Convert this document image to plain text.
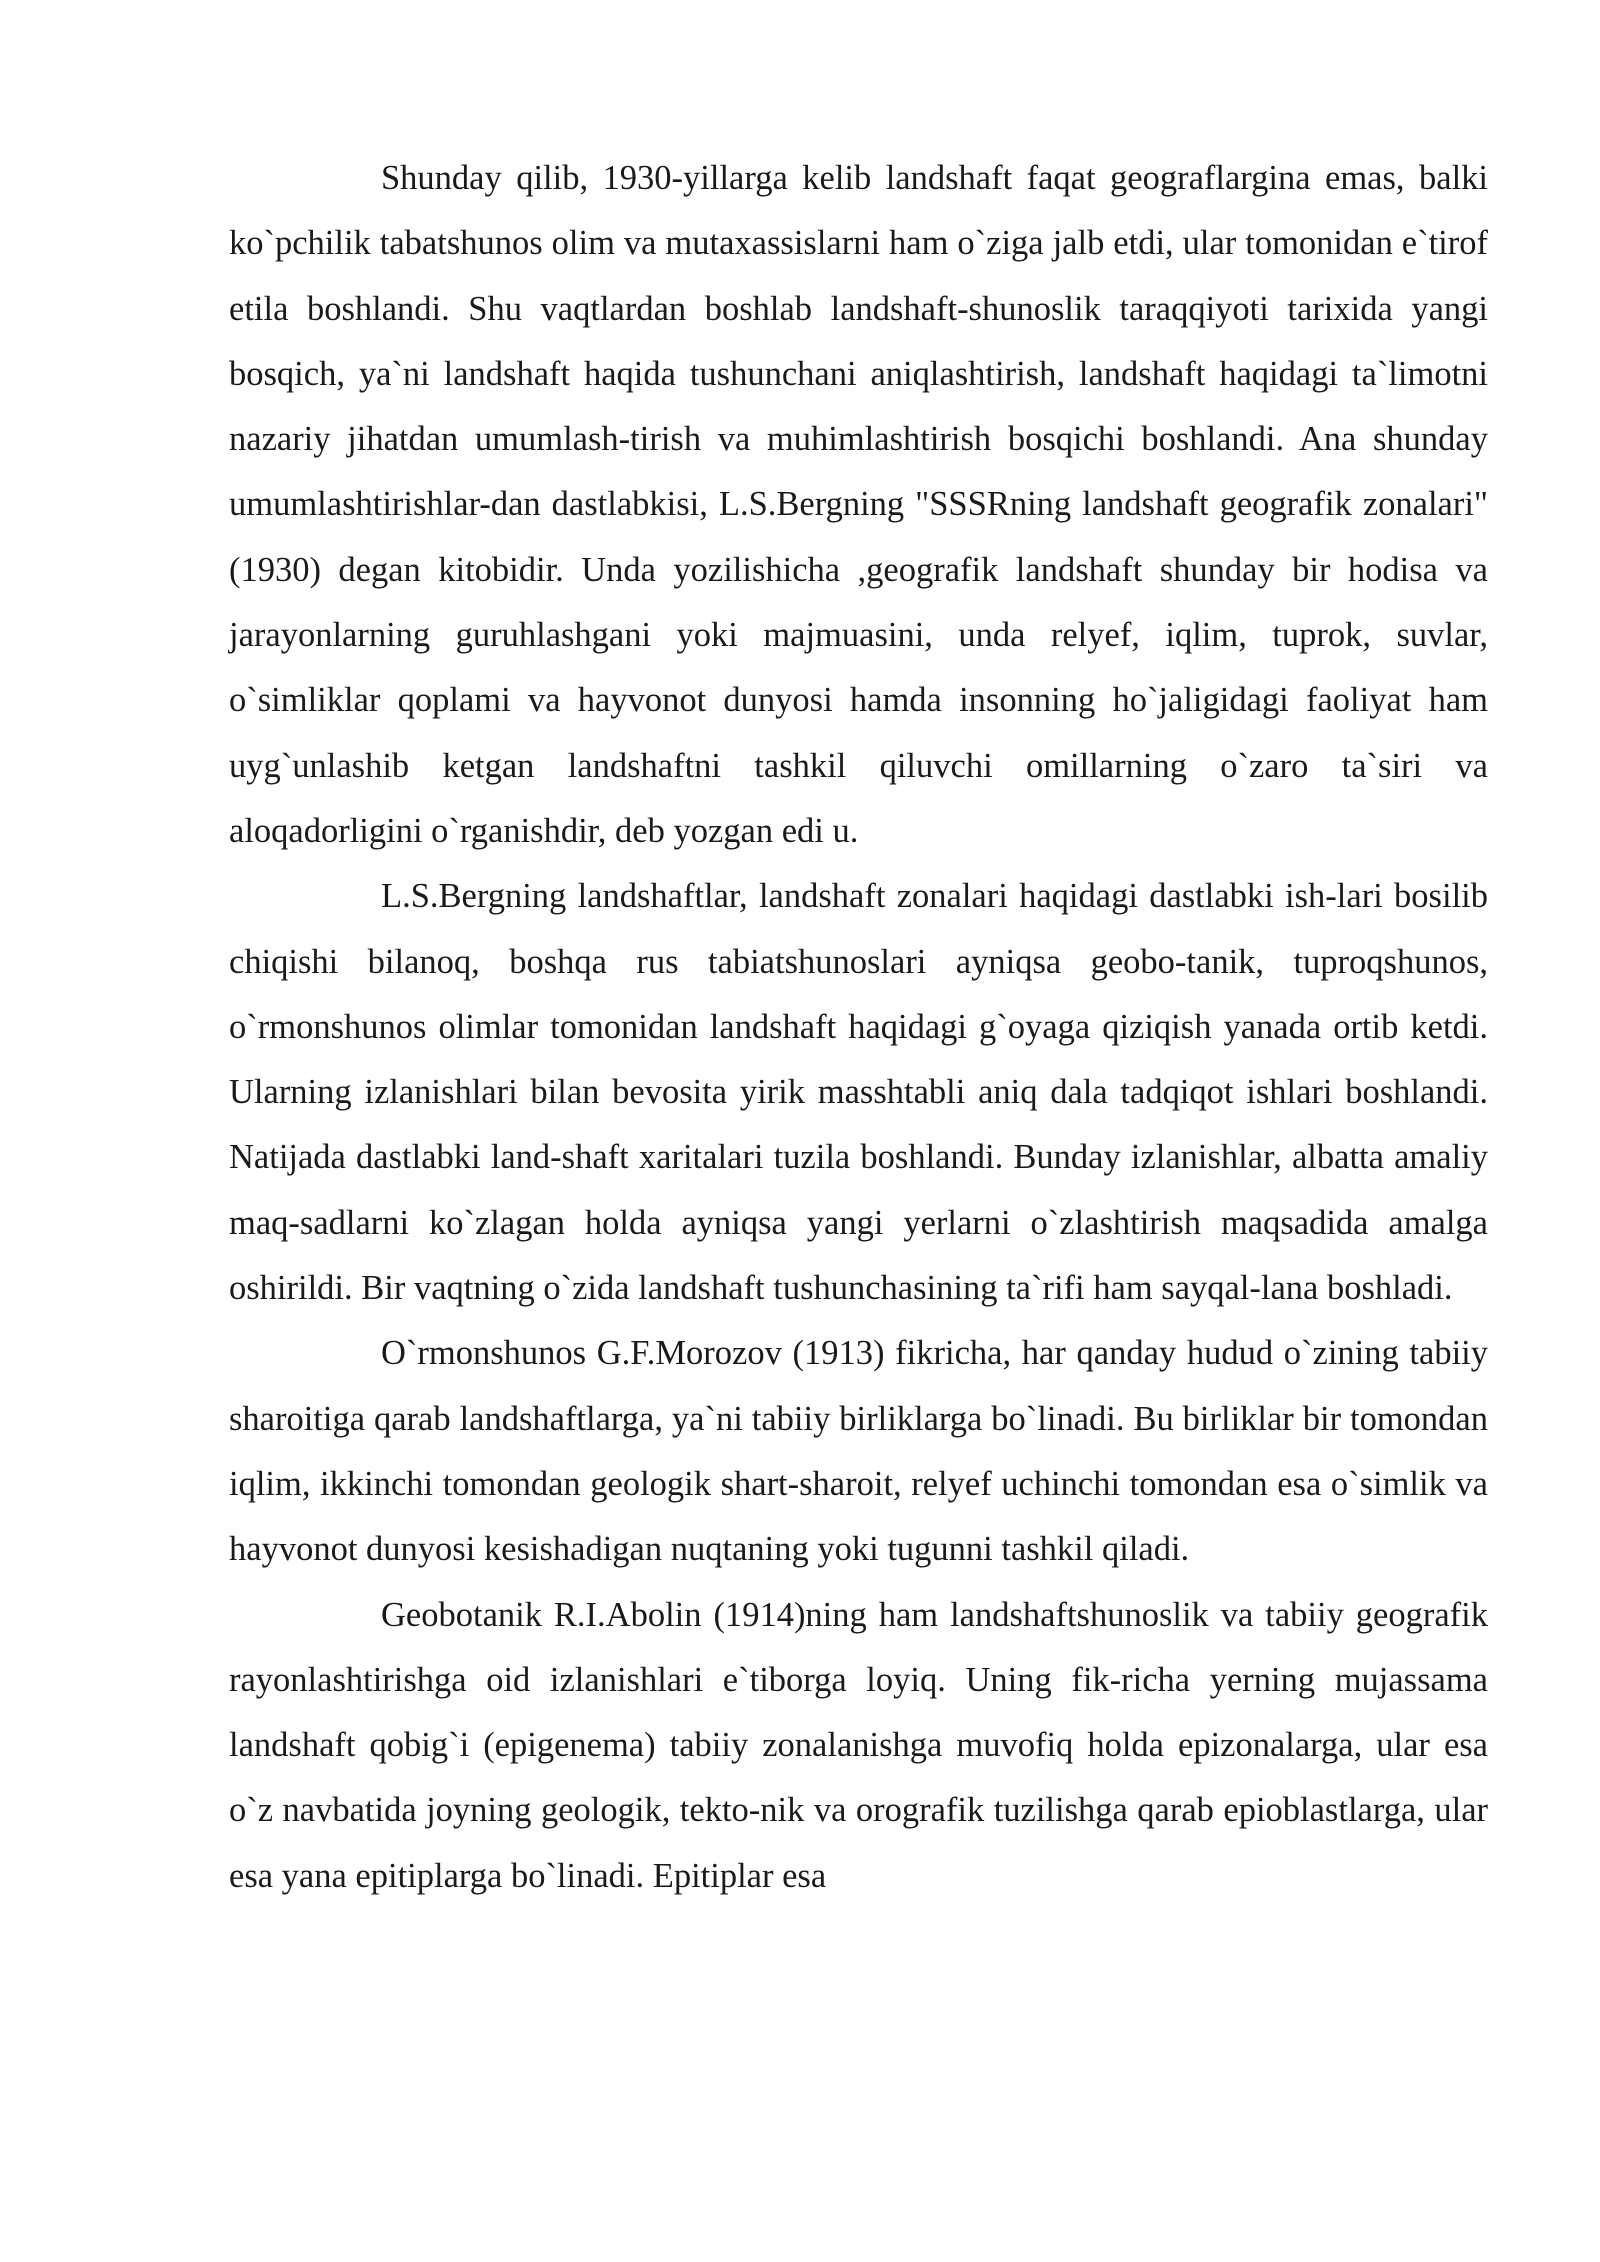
Shunday qilib, 1930-yillarga kelib landshaft faqat geograflargina emas, balki ko`pchilik tabatshunos olim va mutaxassislarni ham o`ziga jalb etdi, ular tomonidan e`tirof etila boshlandi. Shu vaqtlardan boshlab landshaft-shunoslik taraqqiyoti tarixida yangi bosqich, ya`ni landshaft haqida tushunchani aniqlashtirish, landshaft haqidagi ta`limotni nazariy jihatdan umumlash-tirish va muhimlashtirish bosqichi boshlandi. Ana shunday umumlashtirishlar-dan dastlabkisi, L.S.Bergning "SSSRning landshaft geografik zonalari" (1930) degan kitobidir. Unda yozilishicha ,geografik landshaft shunday bir hodisa va jarayonlarning guruhlashgani yoki majmuasini, unda relyef, iqlim, tuprok, suvlar, o`simliklar qoplami va hayvonot dunyosi hamda insonning ho`jaligidagi faoliyat ham uyg`unlashib ketgan landshaftni tashkil qiluvchi omillarning o`zaro ta`siri va aloqadorligini o`rganishdir, deb yozgan edi u.

L.S.Bergning landshaftlar, landshaft zonalari haqidagi dastlabki ish-lari bosilib chiqishi bilanoq, boshqa rus tabiatshunoslari ayniqsa geobo-tanik, tuproqshunos, o`rmonshunos olimlar tomonidan landshaft haqidagi g`oyaga qiziqish yanada ortib ketdi. Ularning izlanishlari bilan bevosita yirik masshtabli aniq dala tadqiqot ishlari boshlandi. Natijada dastlabki land-shaft xaritalari tuzila boshlandi. Bunday izlanishlar, albatta amaliy maq-sadlarni ko`zlagan holda ayniqsa yangi yerlarni o`zlashtirish maqsadida amalga oshirildi. Bir vaqtning o`zida landshaft tushunchasining ta`rifi ham sayqal-lana boshladi.

O`rmonshunos G.F.Morozov (1913) fikricha, har qanday hudud o`zining tabiiy sharoitiga qarab landshaftlarga, ya`ni tabiiy birliklarga bo`linadi. Bu birliklar bir tomondan iqlim, ikkinchi tomondan geologik shart-sharoit, relyef uchinchi tomondan esa o`simlik va hayvonot dunyosi kesishadigan nuqtaning yoki tugunni tashkil qiladi.

Geobotanik R.I.Abolin (1914)ning ham landshaftshunoslik va tabiiy geografik rayonlashtirishga oid izlanishlari e`tiborga loyiq. Uning fik-richa yerning mujassama landshaft qobig`i (epigenema) tabiiy zonalanishga muvofiq holda epizonalarga, ular esa o`z navbatida joyning geologik, tekto-nik va orografik tuzilishga qarab epioblastlarga, ular esa yana epitiplarga bo`linadi. Epitiplar esa
